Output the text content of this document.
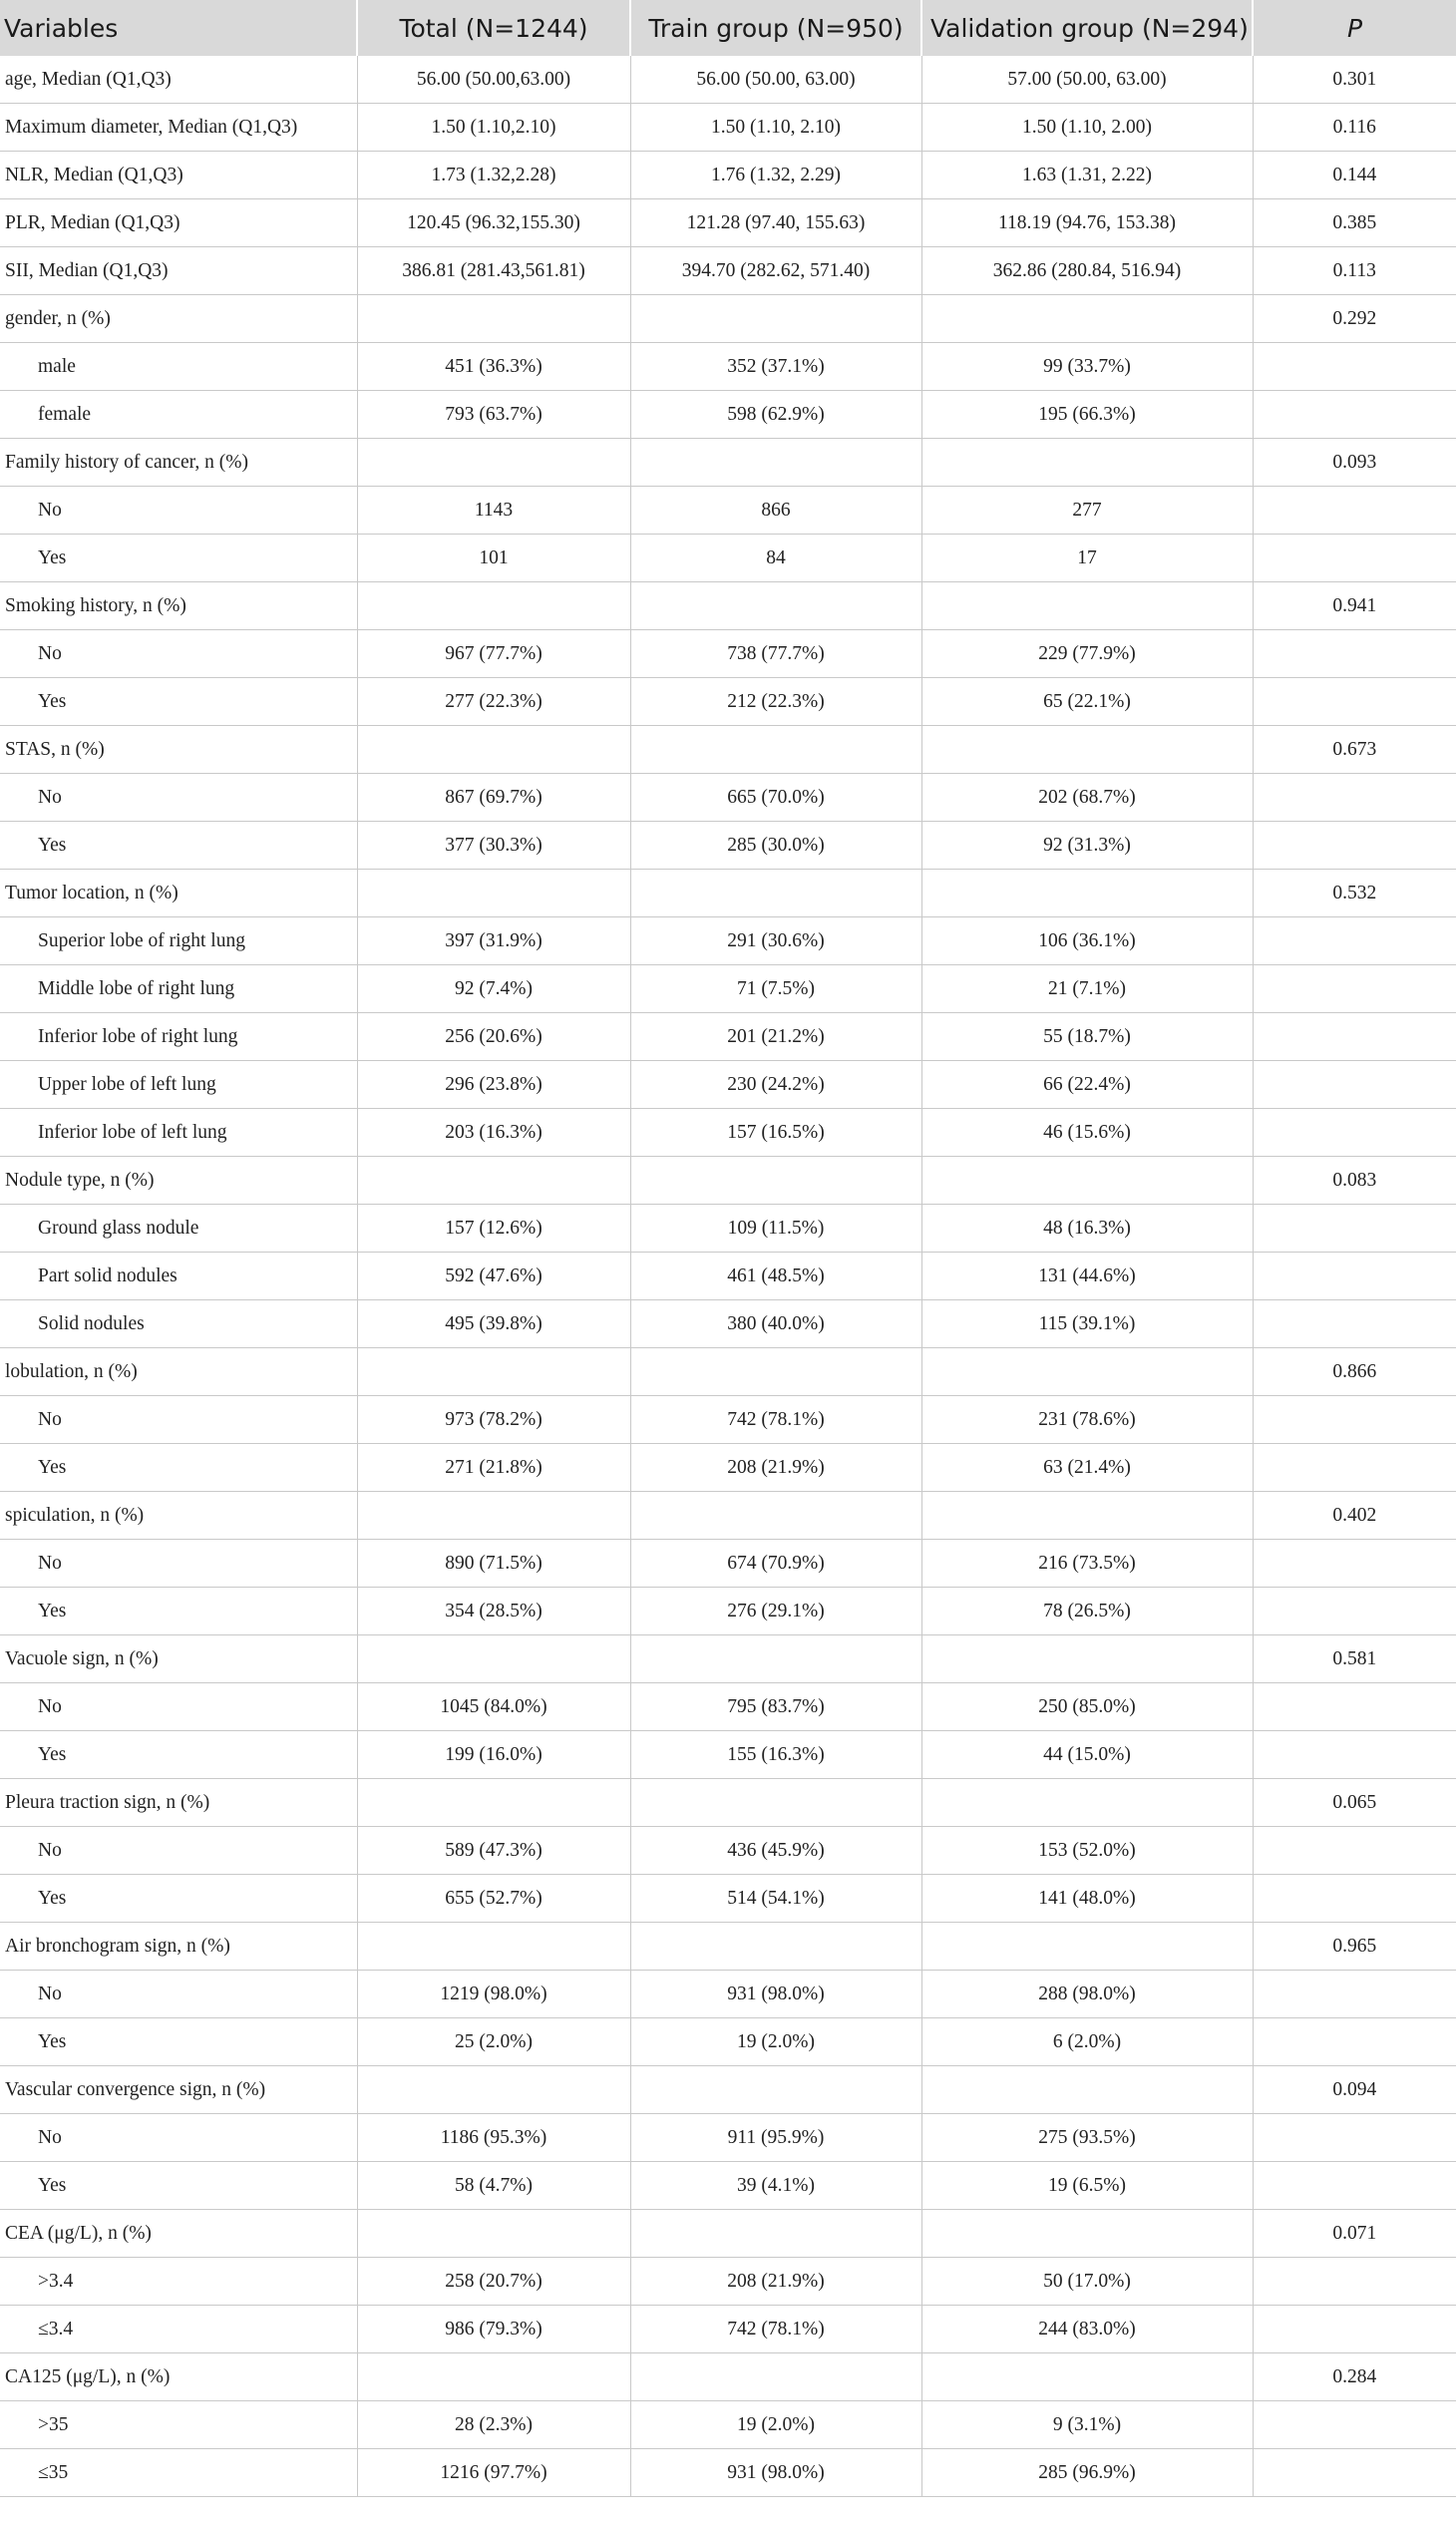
Variables	Total (N=1244)	Train group (N=950)	Validation group (N=294)	P
age, Median (Q1,Q3)	56.00 (50.00,63.00)	56.00 (50.00, 63.00)	57.00 (50.00, 63.00)	0.301
Maximum diameter, Median (Q1,Q3)	1.50 (1.10,2.10)	1.50 (1.10, 2.10)	1.50 (1.10, 2.00)	0.116
NLR, Median (Q1,Q3)	1.73 (1.32,2.28)	1.76 (1.32, 2.29)	1.63 (1.31, 2.22)	0.144
PLR, Median (Q1,Q3)	120.45 (96.32,155.30)	121.28 (97.40, 155.63)	118.19 (94.76, 153.38)	0.385
SII, Median (Q1,Q3)	386.81 (281.43,561.81)	394.70 (282.62, 571.40)	362.86 (280.84, 516.94)	0.113
gender, n (%)				0.292
male	451 (36.3%)	352 (37.1%)	99 (33.7%)	
female	793 (63.7%)	598 (62.9%)	195 (66.3%)	
Family history of cancer, n (%)				0.093
No	1143	866	277	
Yes	101	84	17	
Smoking history, n (%)				0.941
No	967 (77.7%)	738 (77.7%)	229 (77.9%)	
Yes	277 (22.3%)	212 (22.3%)	65 (22.1%)	
STAS, n (%)				0.673
No	867 (69.7%)	665 (70.0%)	202 (68.7%)	
Yes	377 (30.3%)	285 (30.0%)	92 (31.3%)	
Tumor location, n (%)				0.532
Superior lobe of right lung	397 (31.9%)	291 (30.6%)	106 (36.1%)	
Middle lobe of right lung	92 (7.4%)	71 (7.5%)	21 (7.1%)	
Inferior lobe of right lung	256 (20.6%)	201 (21.2%)	55 (18.7%)	
Upper lobe of left lung	296 (23.8%)	230 (24.2%)	66 (22.4%)	
Inferior lobe of left lung	203 (16.3%)	157 (16.5%)	46 (15.6%)	
Nodule type, n (%)				0.083
Ground glass nodule	157 (12.6%)	109 (11.5%)	48 (16.3%)	
Part solid nodules	592 (47.6%)	461 (48.5%)	131 (44.6%)	
Solid nodules	495 (39.8%)	380 (40.0%)	115 (39.1%)	
lobulation, n (%)				0.866
No	973 (78.2%)	742 (78.1%)	231 (78.6%)	
Yes	271 (21.8%)	208 (21.9%)	63 (21.4%)	
spiculation, n (%)				0.402
No	890 (71.5%)	674 (70.9%)	216 (73.5%)	
Yes	354 (28.5%)	276 (29.1%)	78 (26.5%)	
Vacuole sign, n (%)				0.581
No	1045 (84.0%)	795 (83.7%)	250 (85.0%)	
Yes	199 (16.0%)	155 (16.3%)	44 (15.0%)	
Pleura traction sign, n (%)				0.065
No	589 (47.3%)	436 (45.9%)	153 (52.0%)	
Yes	655 (52.7%)	514 (54.1%)	141 (48.0%)	
Air bronchogram sign, n (%)				0.965
No	1219 (98.0%)	931 (98.0%)	288 (98.0%)	
Yes	25 (2.0%)	19 (2.0%)	6 (2.0%)	
Vascular convergence sign, n (%)				0.094
No	1186 (95.3%)	911 (95.9%)	275 (93.5%)	
Yes	58 (4.7%)	39 (4.1%)	19 (6.5%)	
CEA (μg/L), n (%)				0.071
>3.4	258 (20.7%)	208 (21.9%)	50 (17.0%)	
≤3.4	986 (79.3%)	742 (78.1%)	244 (83.0%)	
CA125 (μg/L), n (%)				0.284
>35	28 (2.3%)	19 (2.0%)	9 (3.1%)	
≤35	1216 (97.7%)	931 (98.0%)	285 (96.9%)	
